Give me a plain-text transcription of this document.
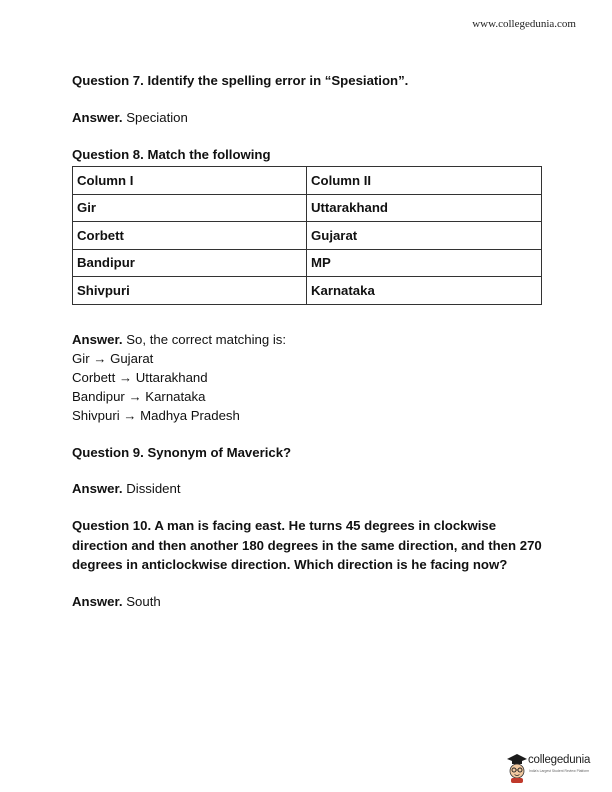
www.collegedunia.com

Question 7. Identify the spelling error in “Spesiation”.

Answer. Speciation

Question 8. Match the following

Column I	Column II
Gir	Uttarakhand
Corbett	Gujarat
Bandipur	MP
Shivpuri	Karnataka

Answer. So, the correct matching is:

Gir → Gujarat

Corbett → Uttarakhand

Bandipur → Karnataka

Shivpuri → Madhya Pradesh

Question 9. Synonym of Maverick?

Answer. Dissident

Question 10. A man is facing east. He turns 45 degrees in clockwise direction and then another 180 degrees in the same direction, and then 270 degrees in anticlockwise direction. Which direction is he facing now?

Answer. South

collegedunia
India's Largest Student Review Platform
